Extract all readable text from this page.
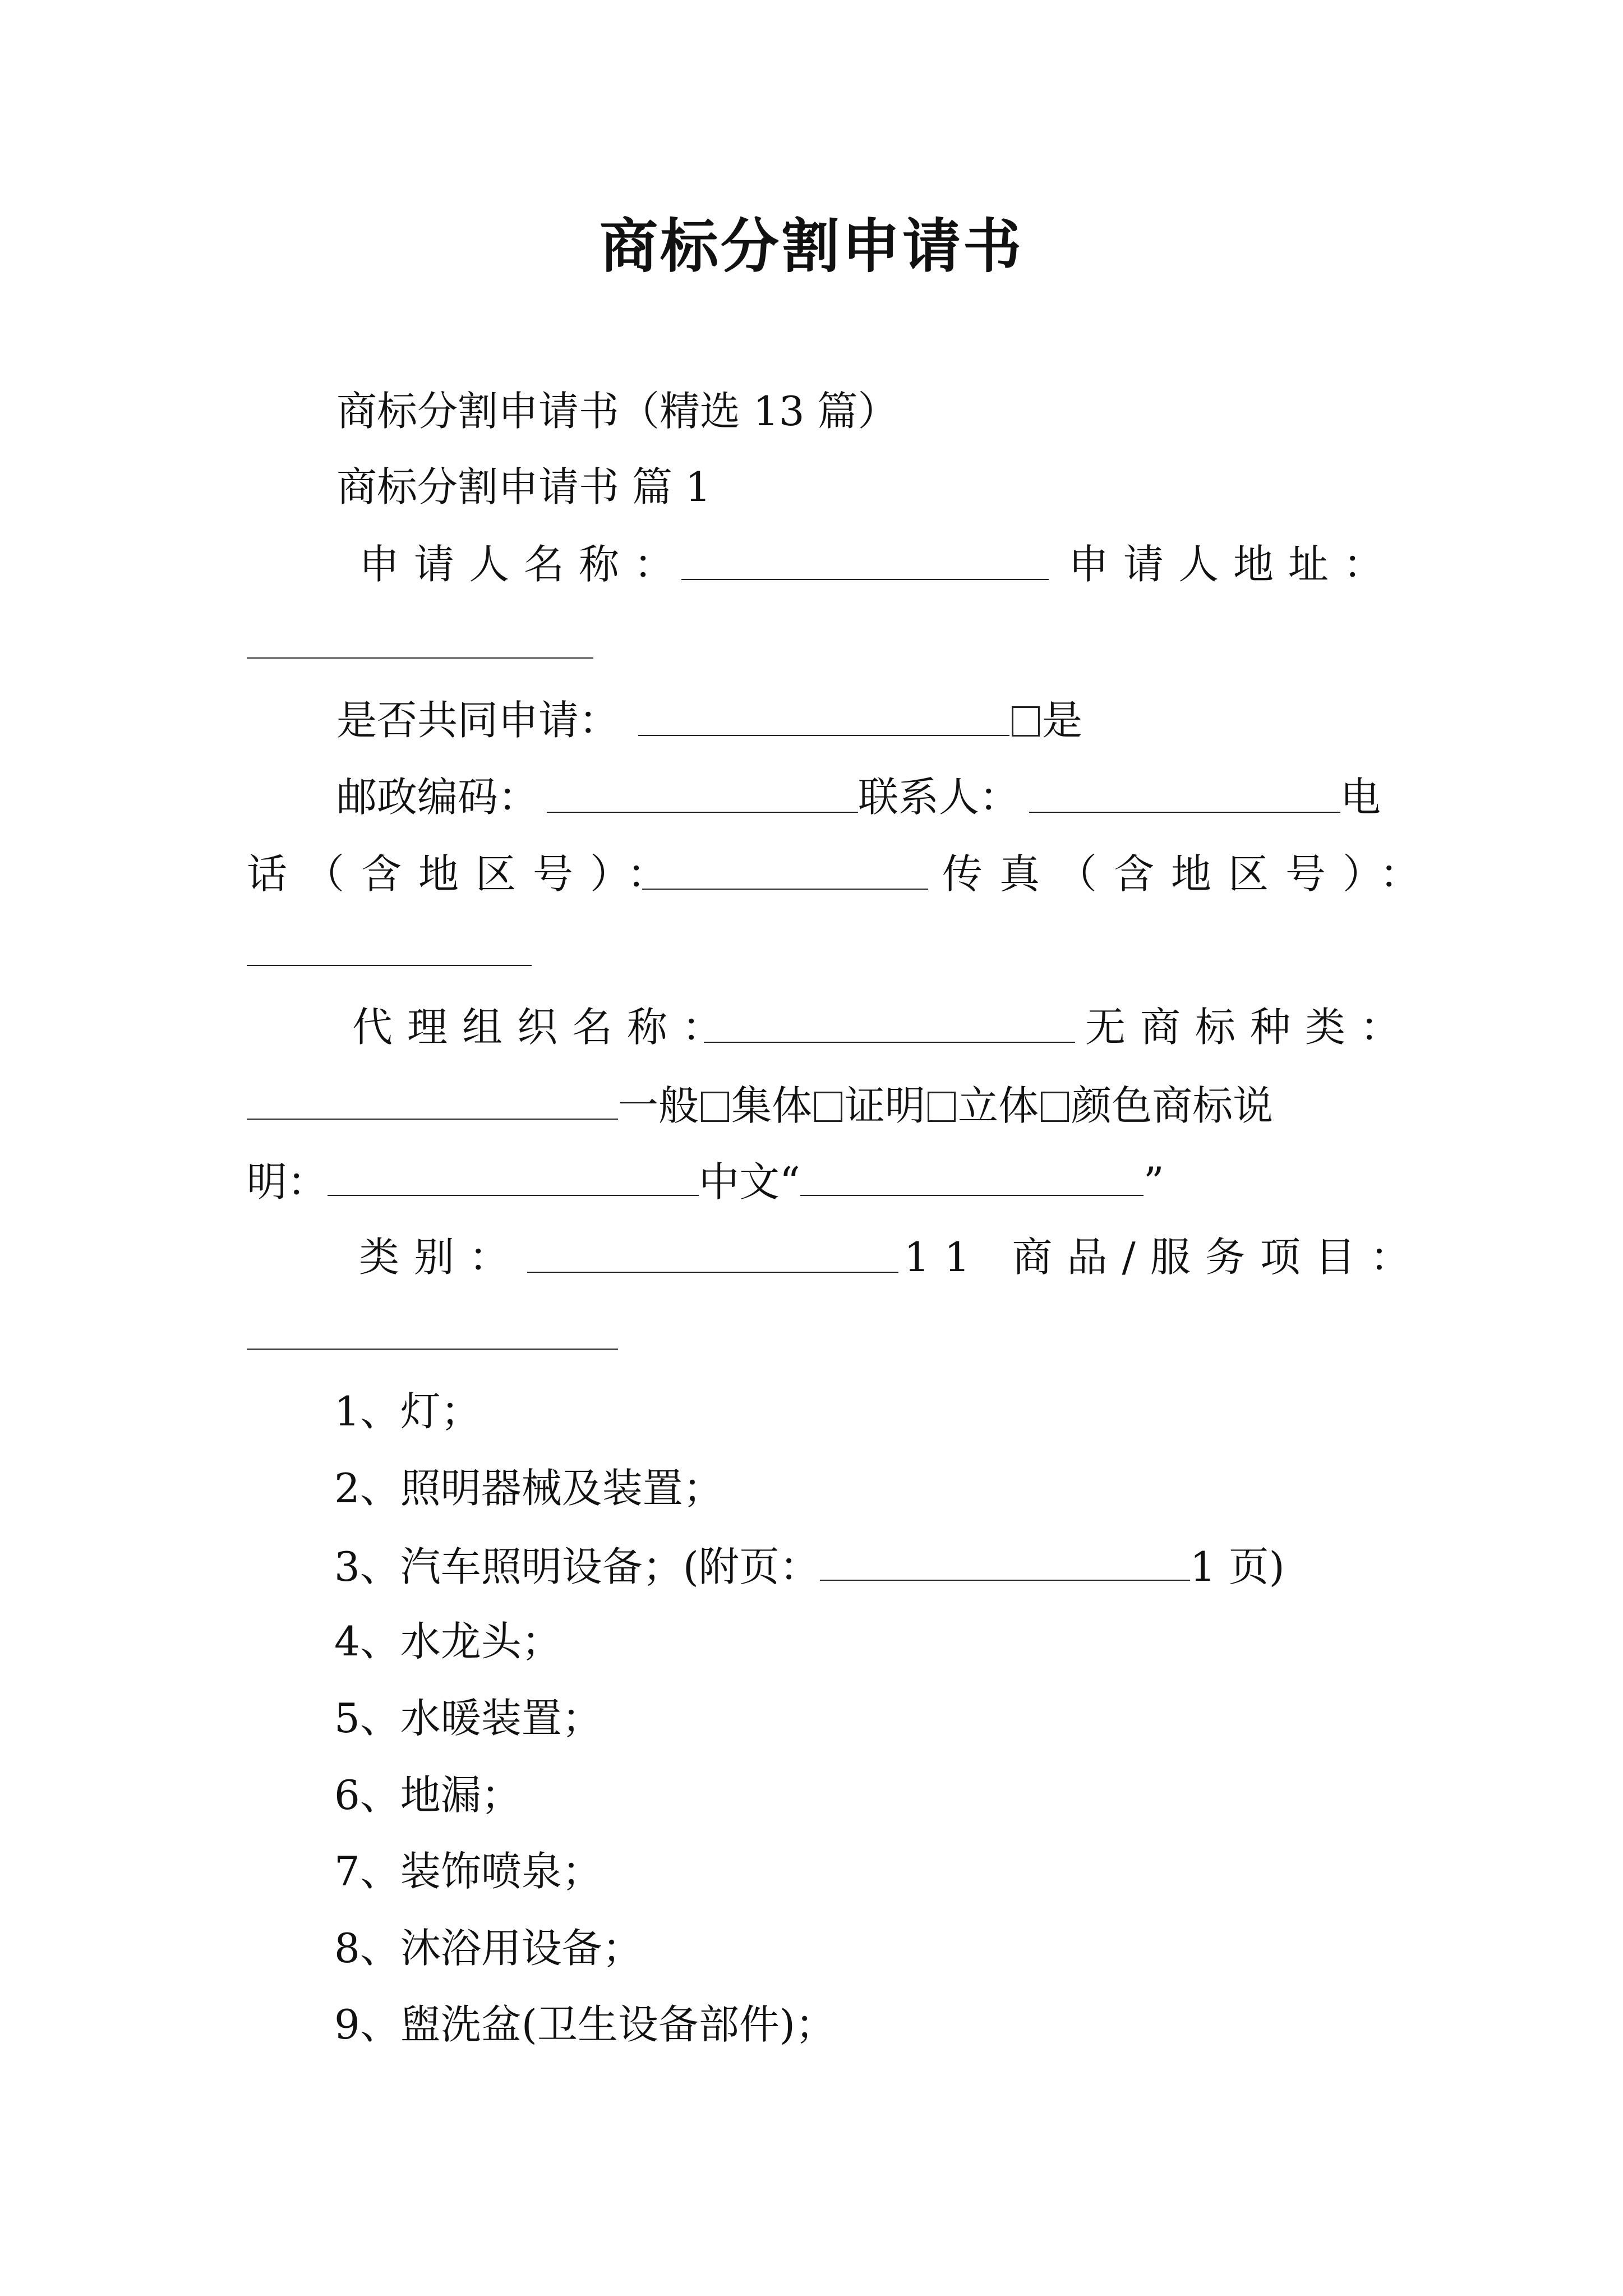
商标分割申请书
商标分割申请书（精选 13 篇）
商标分割申请书 篇 1
申请人名称：	申请人地址：
是否共同申请：	是
邮政编码：	联系人：	电
话（含地区号）：	传真（含地区号）：
代理组织名称：	无商标种类：
一般 集体 证明 立体 颜色商标说
明：	中文“	”
类别：	11 商品/服务项目：
1、灯；
2、照明器械及装置；
3、汽车照明设备；(附页：	1 页)
4、水龙头；
5、水暖装置；
6、地漏；
7、装饰喷泉；
8、沐浴用设备；
9、盥洗盆(卫生设备部件)；
